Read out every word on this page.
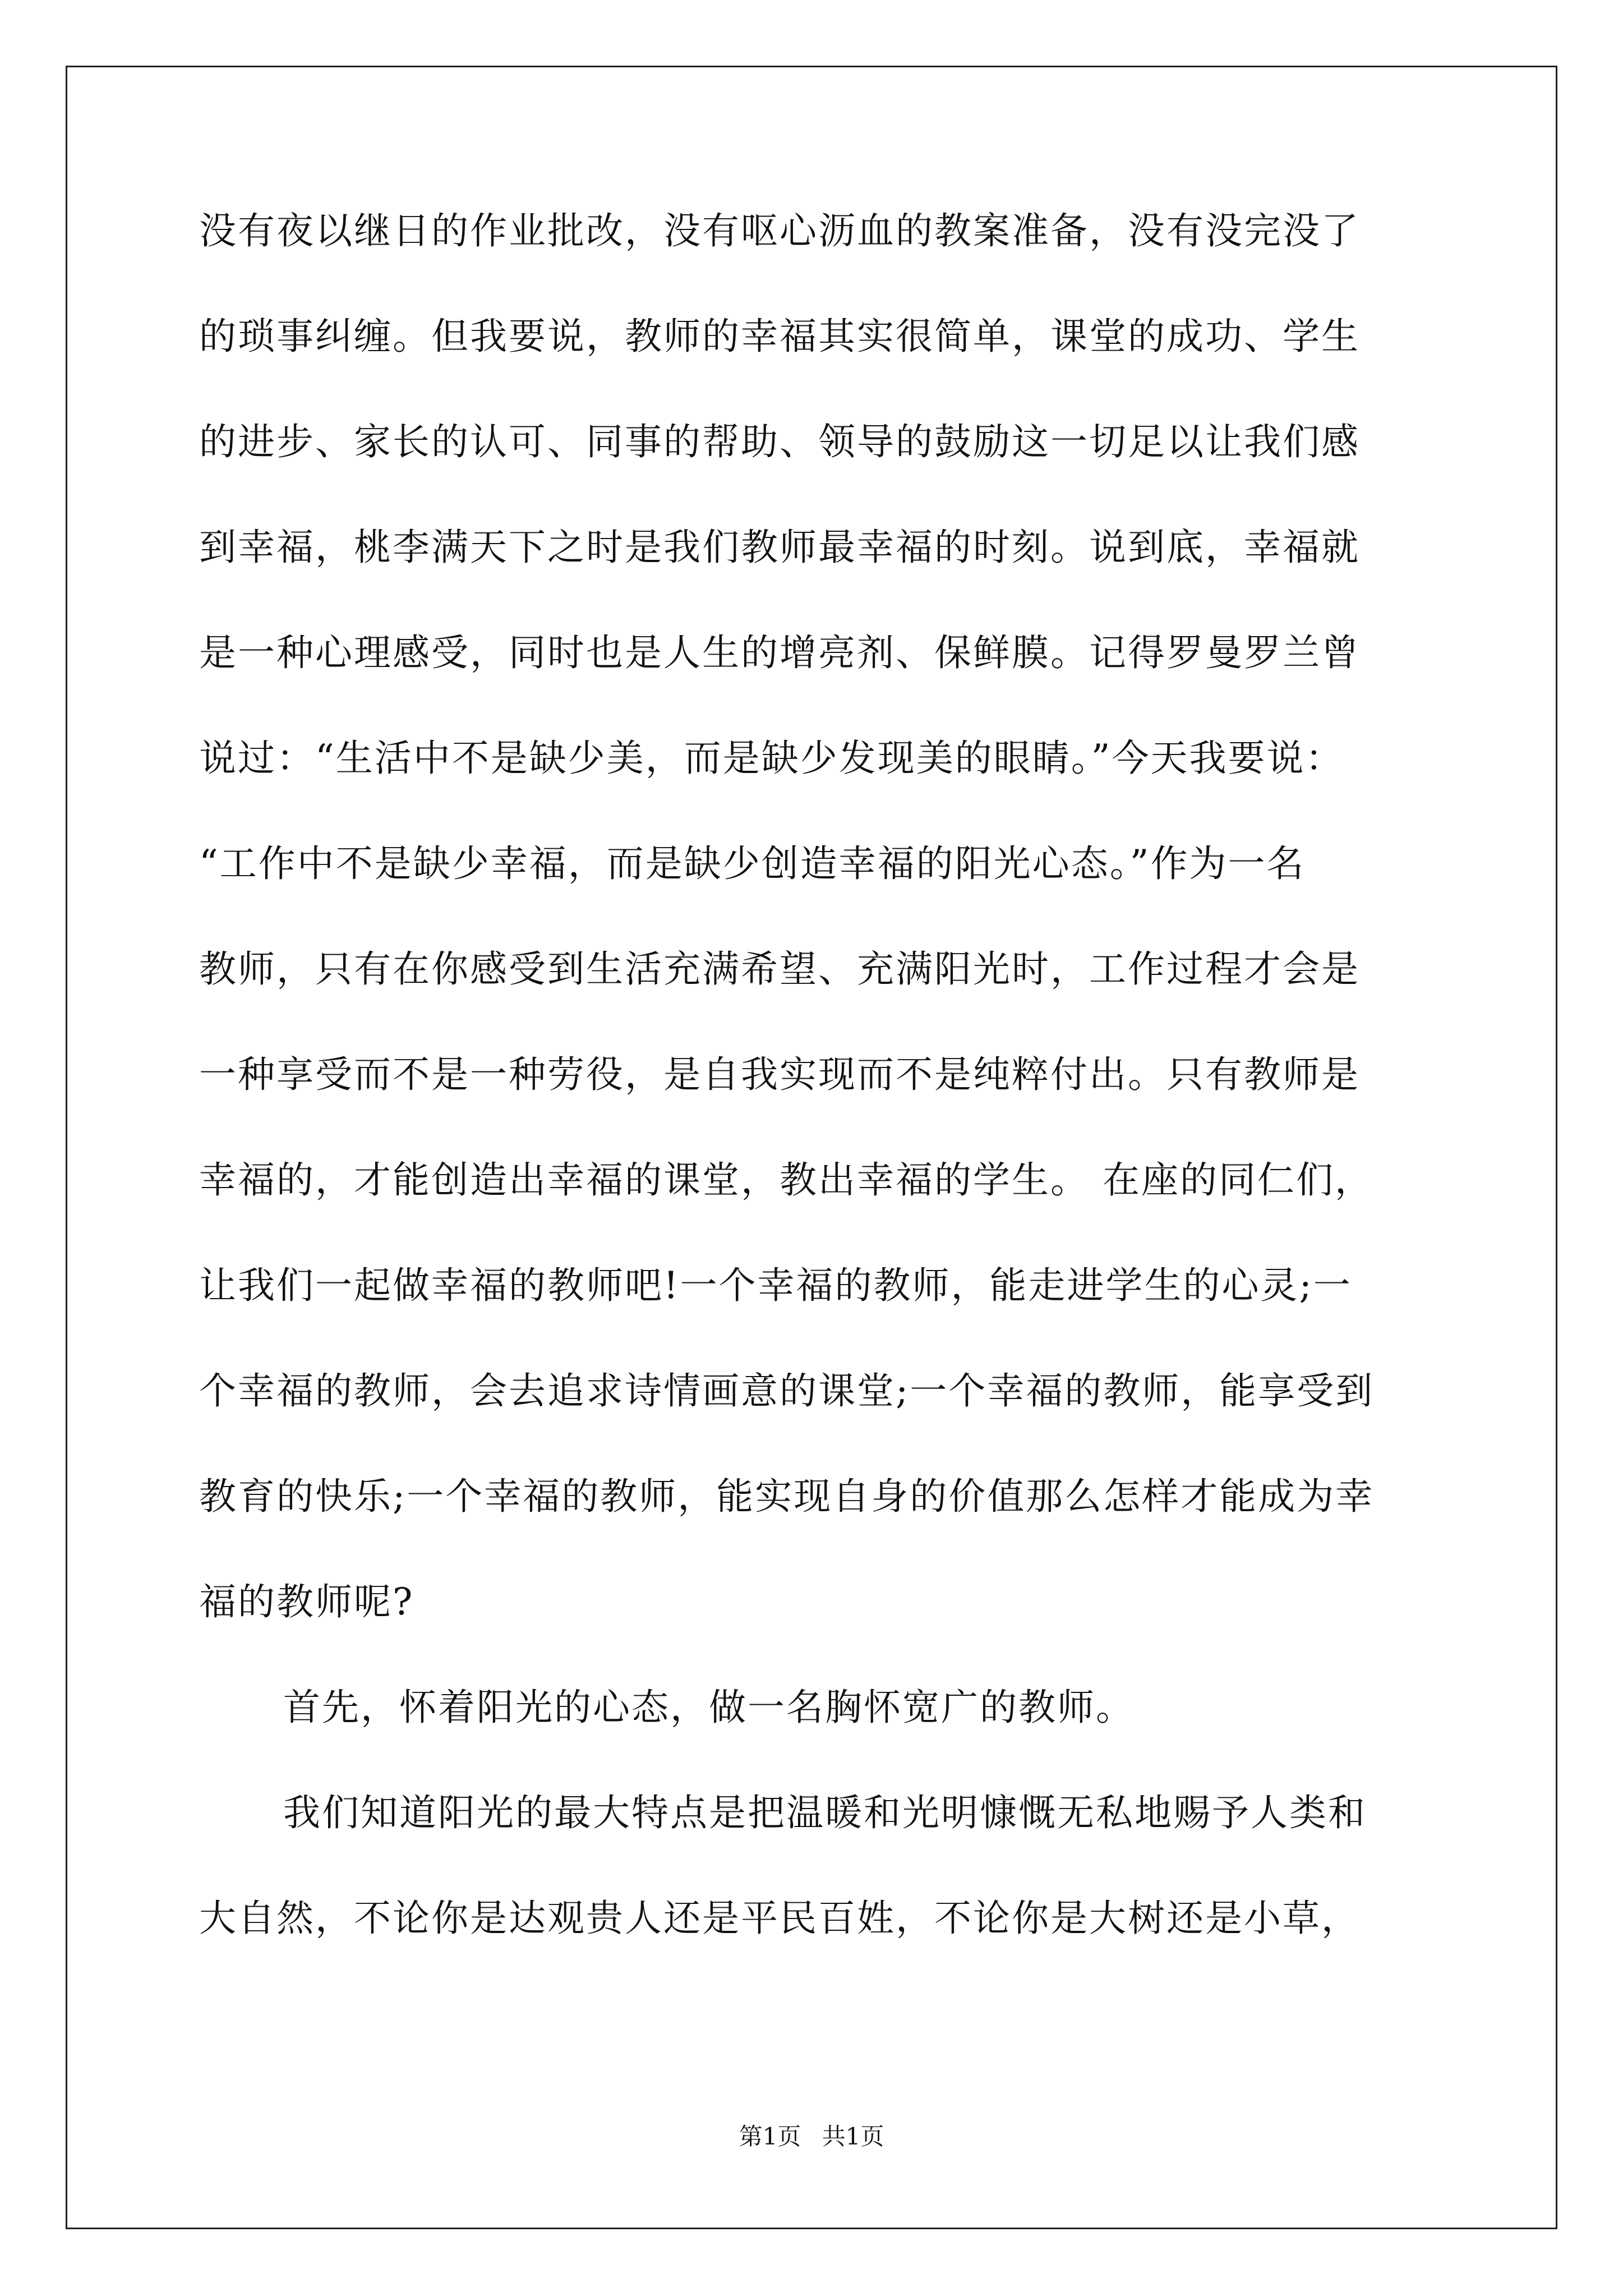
没有夜以继日的作业批改，没有呕心沥血的教案准备，没有没完没了
的琐事纠缠。但我要说，教师的幸福其实很简单，课堂的成功、学生
的进步、家长的认可、同事的帮助、领导的鼓励这一切足以让我们感
到幸福，桃李满天下之时是我们教师最幸福的时刻。说到底，幸福就
是一种心理感受，同时也是人生的增亮剂、保鲜膜。记得罗曼罗兰曾
说过：“生活中不是缺少美，而是缺少发现美的眼睛。”今天我要说：
“工作中不是缺少幸福，而是缺少创造幸福的阳光心态。”作为一名
教师，只有在你感受到生活充满希望、充满阳光时，工作过程才会是
一种享受而不是一种劳役，是自我实现而不是纯粹付出。只有教师是
幸福的，才能创造出幸福的课堂，教出幸福的学生。 在座的同仁们，
让我们一起做幸福的教师吧!一个幸福的教师，能走进学生的心灵;一
个幸福的教师，会去追求诗情画意的课堂;一个幸福的教师，能享受到
教育的快乐;一个幸福的教师，能实现自身的价值那么怎样才能成为幸
福的教师呢?
首先，怀着阳光的心态，做一名胸怀宽广的教师。
我们知道阳光的最大特点是把温暖和光明慷慨无私地赐予人类和
大自然，不论你是达观贵人还是平民百姓，不论你是大树还是小草，
第1页 共1页
